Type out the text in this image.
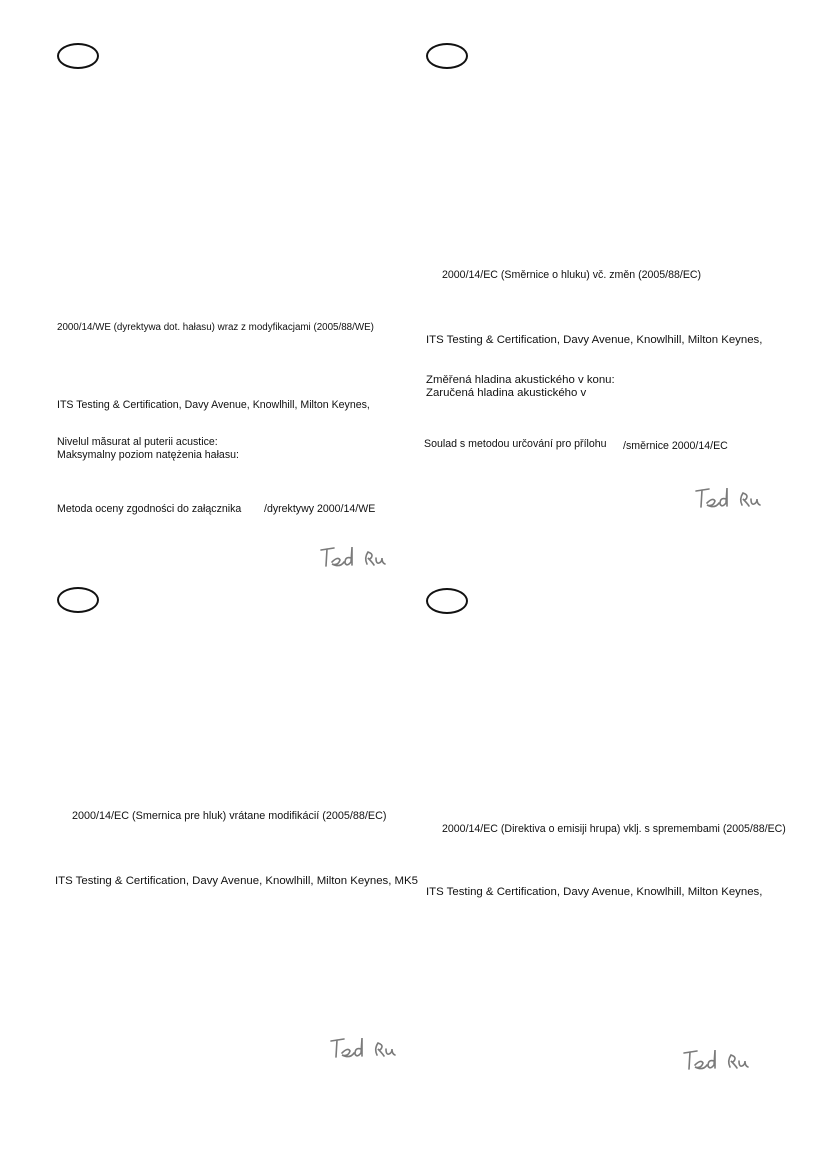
2000/14/WE (dyrektywa dot. hałasu) wraz z modyfikacjami (2005/88/WE)
ITS Testing & Certification, Davy Avenue, Knowlhill, Milton Keynes,
Nivelul măsurat al puterii acustice:
Maksymalny poziom natężenia hałasu:
Metoda oceny zgodności do załącznika /dyrektywy 2000/14/WE
2000/14/EC (Směrnice o hluku) vč. změn (2005/88/EC)
ITS Testing & Certification, Davy Avenue, Knowlhill, Milton Keynes,
Změřená hladina akustického v konu:
Zaručená hladina akustického v
Soulad s metodou určování pro přílohu /směrnice 2000/14/EC
2000/14/EC (Smernica pre hluk) vrátane modifikácií (2005/88/EC)
ITS Testing & Certification, Davy Avenue, Knowlhill, Milton Keynes, MK5
2000/14/EC (Direktiva o emisiji hrupa) vklj. s spremembami (2005/88/EC)
ITS Testing & Certification, Davy Avenue, Knowlhill, Milton Keynes,
